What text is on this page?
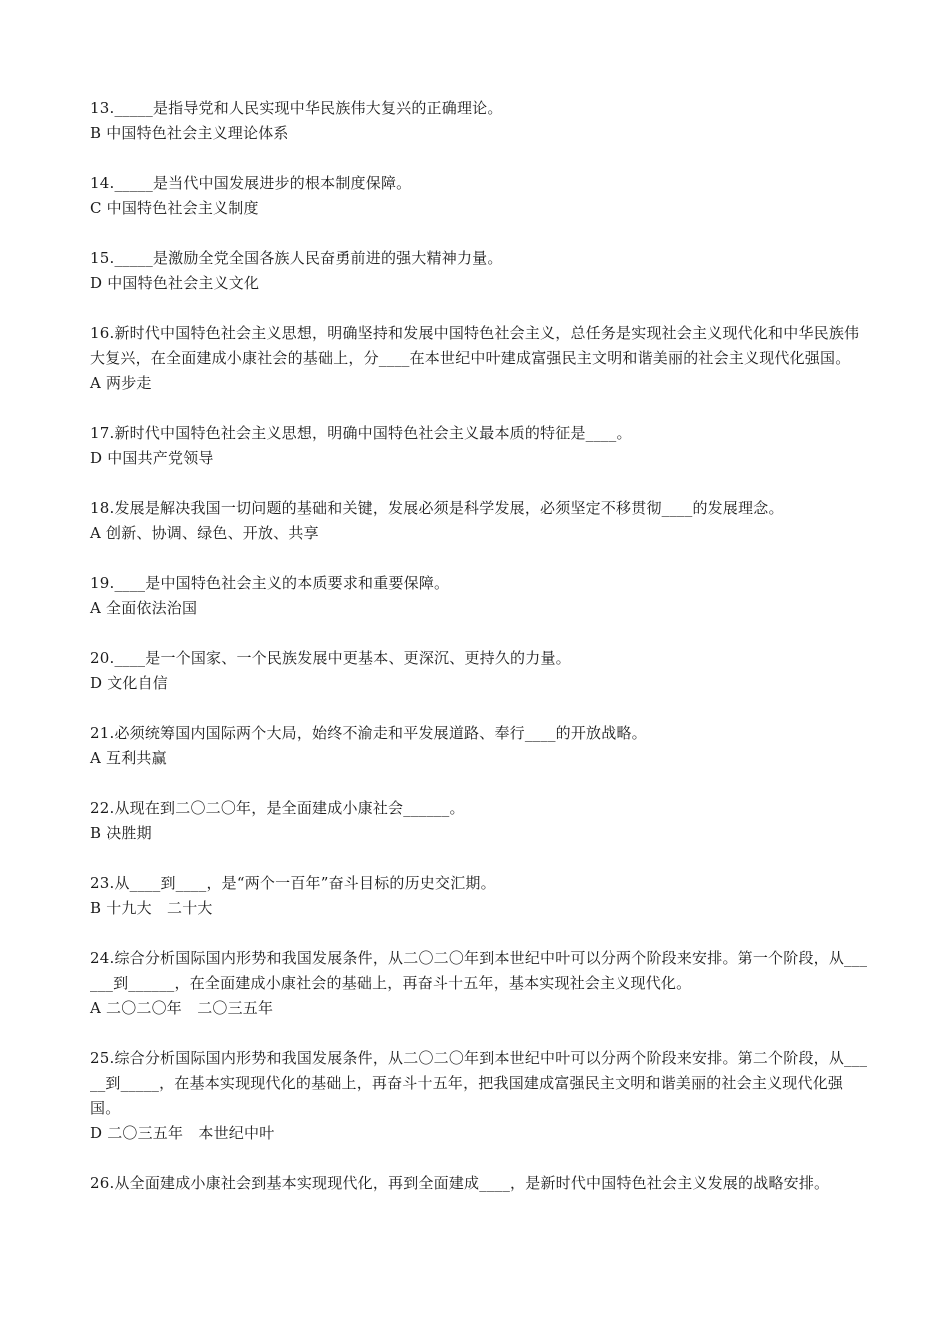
13._____是指导党和人民实现中华民族伟大复兴的正确理论。
B 中国特色社会主义理论体系
14._____是当代中国发展进步的根本制度保障。
C 中国特色社会主义制度
15._____是激励全党全国各族人民奋勇前进的强大精神力量。
D 中国特色社会主义文化
16.新时代中国特色社会主义思想，明确坚持和发展中国特色社会主义，总任务是实现社会主义现代化和中华民族伟大复兴，在全面建成小康社会的基础上，分____在本世纪中叶建成富强民主文明和谐美丽的社会主义现代化强国。
A 两步走
17.新时代中国特色社会主义思想，明确中国特色社会主义最本质的特征是____。
D 中国共产党领导
18.发展是解决我国一切问题的基础和关键，发展必须是科学发展，必须坚定不移贯彻____的发展理念。
A 创新、协调、绿色、开放、共享
19.____是中国特色社会主义的本质要求和重要保障。
A 全面依法治国
20.____是一个国家、一个民族发展中更基本、更深沉、更持久的力量。
D 文化自信
21.必须统筹国内国际两个大局，始终不渝走和平发展道路、奉行____的开放战略。
A 互利共赢
22.从现在到二〇二〇年，是全面建成小康社会______。
B 决胜期
23.从____到____，是“两个一百年”奋斗目标的历史交汇期。
B 十九大　二十大
24.综合分析国际国内形势和我国发展条件，从二〇二〇年到本世纪中叶可以分两个阶段来安排。第一个阶段，从______到______，在全面建成小康社会的基础上，再奋斗十五年，基本实现社会主义现代化。
A 二〇二〇年　二〇三五年
25.综合分析国际国内形势和我国发展条件，从二〇二〇年到本世纪中叶可以分两个阶段来安排。第二个阶段，从_____到_____，在基本实现现代化的基础上，再奋斗十五年，把我国建成富强民主文明和谐美丽的社会主义现代化强国。
D 二〇三五年　本世纪中叶
26.从全面建成小康社会到基本实现现代化，再到全面建成____，是新时代中国特色社会主义发展的战略安排。
